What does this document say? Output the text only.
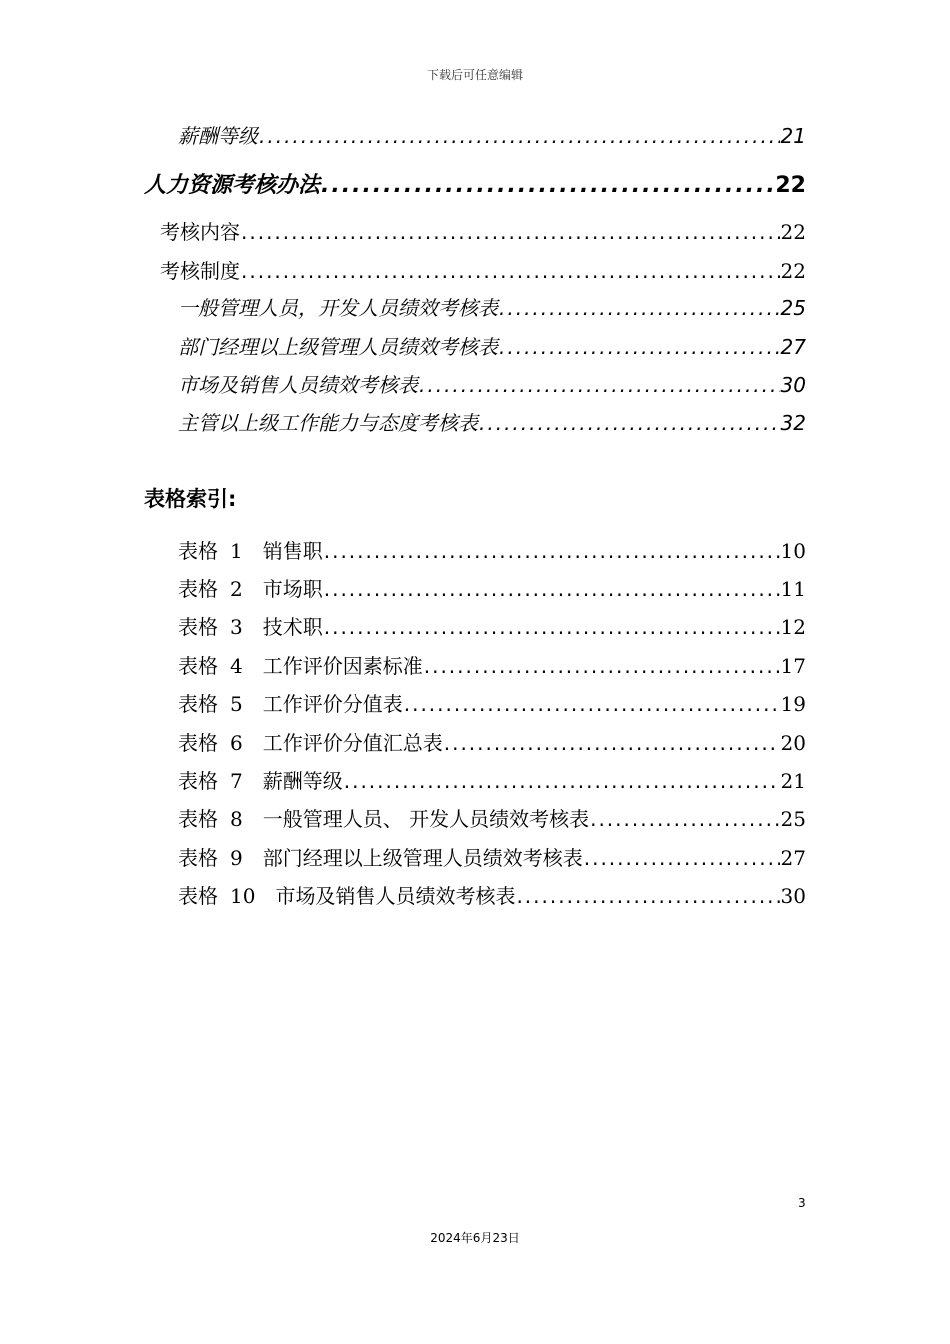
下载后可任意编辑
薪酬等级 .....	21
人力资源考核办法 .....	22
考核内容 .....	22
考核制度 .....	22
一般管理人员，开发人员绩效考核表 .....	25
部门经理以上级管理人员绩效考核表 .....	27
市场及销售人员绩效考核表 .....	30
主管以上级工作能力与态度考核表 .....	32
表格索引:
表格 1 销售职 .....	10
表格 2 市场职 .....	11
表格 3 技术职 .....	12
表格 4 工作评价因素标准 .....	17
表格 5 工作评价分值表 .....	19
表格 6 工作评价分值汇总表 .....	20
表格 7 薪酬等级 .....	21
表格 8 一般管理人员、 开发人员绩效考核表 .....	25
表格 9 部门经理以上级管理人员绩效考核表 .....	27
表格 10 市场及销售人员绩效考核表 .....	30
3
2024年6月23日
